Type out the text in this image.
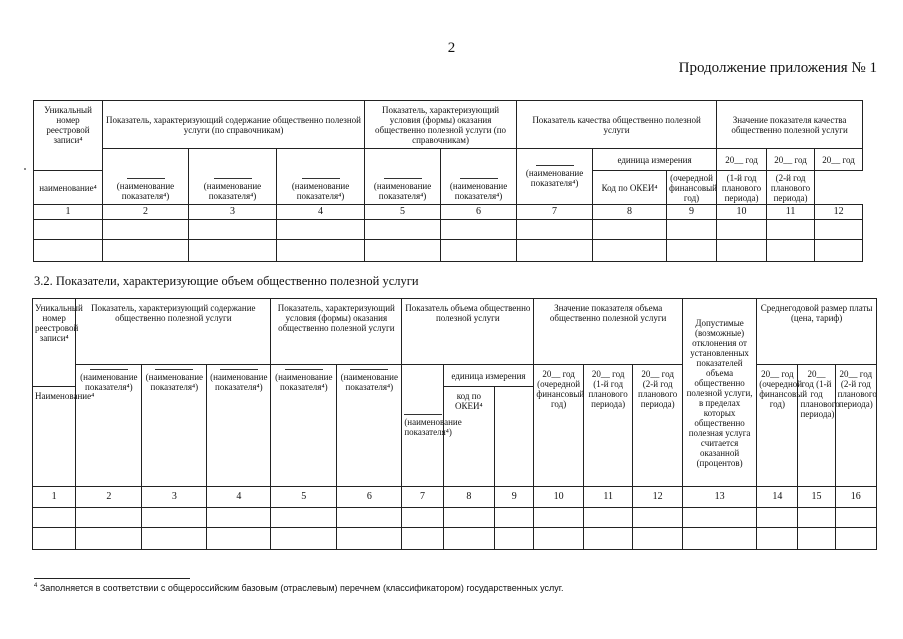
2
Продолжение приложения № 1
Уникальный номер реестровой записи⁴	Показатель, характеризующий содержание общественно полезной услуги (по справочникам)			Показатель, характеризующий условия (формы) оказания общественно полезной услуги (по справочникам)		Показатель качества общественно полезной услуги			Значение показателя качества общественно полезной услуги		

(наименование показателя⁴)	(наименование показателя⁴)	(наименование показателя⁴)	(наименование показателя⁴)	(наименование показателя⁴)	(наименование показателя⁴)	единица измерения		20__ год	20__ год	20__ год
наименование⁴							Код по ОКЕИ⁴	(очередной финансовый год)	(1-й год планового периода)	(2-й год планового периода)	
1	2	3	4	5	6	7	8	9	10	11	12

3.2. Показатели, характеризующие объем общественно полезной услуги
Уникальный номер реестровой записи⁴	Показатель, характеризующий содержание общественно полезной услуги			Показатель, характеризующий условия (формы) оказания общественно полезной услуги		Показатель объема общественно полезной услуги			Значение показателя объема общественно полезной услуги			Допустимые (возможные) отклонения от установленных показателей объема общественно полезной услуги, в пределах которых общественно полезная услуга считается оказанной (процентов)	Среднегодовой размер платы (цена, тариф)		

(наименование показателя⁴)	(наименование показателя⁴)	(наименование показателя⁴)	(наименование показателя⁴)	(наименование показателя⁴)	(наименование показателя⁴)	единица измерения		20__ год (очередной финансовый год)	20__ год (1-й год планового периода)	20__ год (2-й год планового периода)		20__ год (очередной финансовый год)	20__ год (1-й год планового периода)	20__ год (2-й год планового периода)
Наименование⁴							код по ОКЕИ⁴								
1	2	3	4	5	6	7	8	9	10	11	12	13	14	15	16

$^4$ Заполняется в соответствии с общероссийским базовым (отраслевым) перечнем (классификатором) государственных услуг.
